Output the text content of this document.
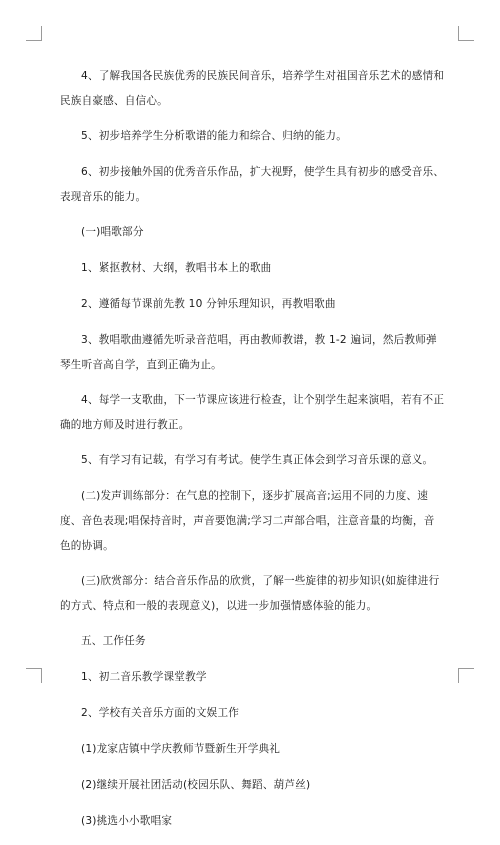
4、了解我国各民族优秀的民族民间音乐，培养学生对祖国音乐艺术的感情和民族自豪感、自信心。

5、初步培养学生分析歌谱的能力和综合、归纳的能力。

6、初步接触外国的优秀音乐作品，扩大视野，使学生具有初步的感受音乐、表现音乐的能力。

(一)唱歌部分

1、紧抠教材、大纲，教唱书本上的歌曲

2、遵循每节课前先教 10 分钟乐理知识，再教唱歌曲

3、教唱歌曲遵循先听录音范唱，再由教师教谱，教 1-2 遍词，然后教师弹琴生听音高自学，直到正确为止。

4、每学一支歌曲，下一节课应该进行检查，让个别学生起来演唱，若有不正确的地方师及时进行教正。

5、有学习有记载，有学习有考试。使学生真正体会到学习音乐课的意义。

(二)发声训练部分：在气息的控制下，逐步扩展高音;运用不同的力度、速度、音色表现;唱保持音时，声音要饱满;学习二声部合唱，注意音量的均衡，音色的协调。

(三)欣赏部分：结合音乐作品的欣赏，了解一些旋律的初步知识(如旋律进行的方式、特点和一般的表现意义)，以进一步加强情感体验的能力。

五、工作任务

1、初二音乐教学课堂教学

2、学校有关音乐方面的文娱工作

(1)龙家店镇中学庆教师节暨新生开学典礼

(2)继续开展社团活动(校园乐队、舞蹈、葫芦丝)

(3)挑选小小歌唱家
